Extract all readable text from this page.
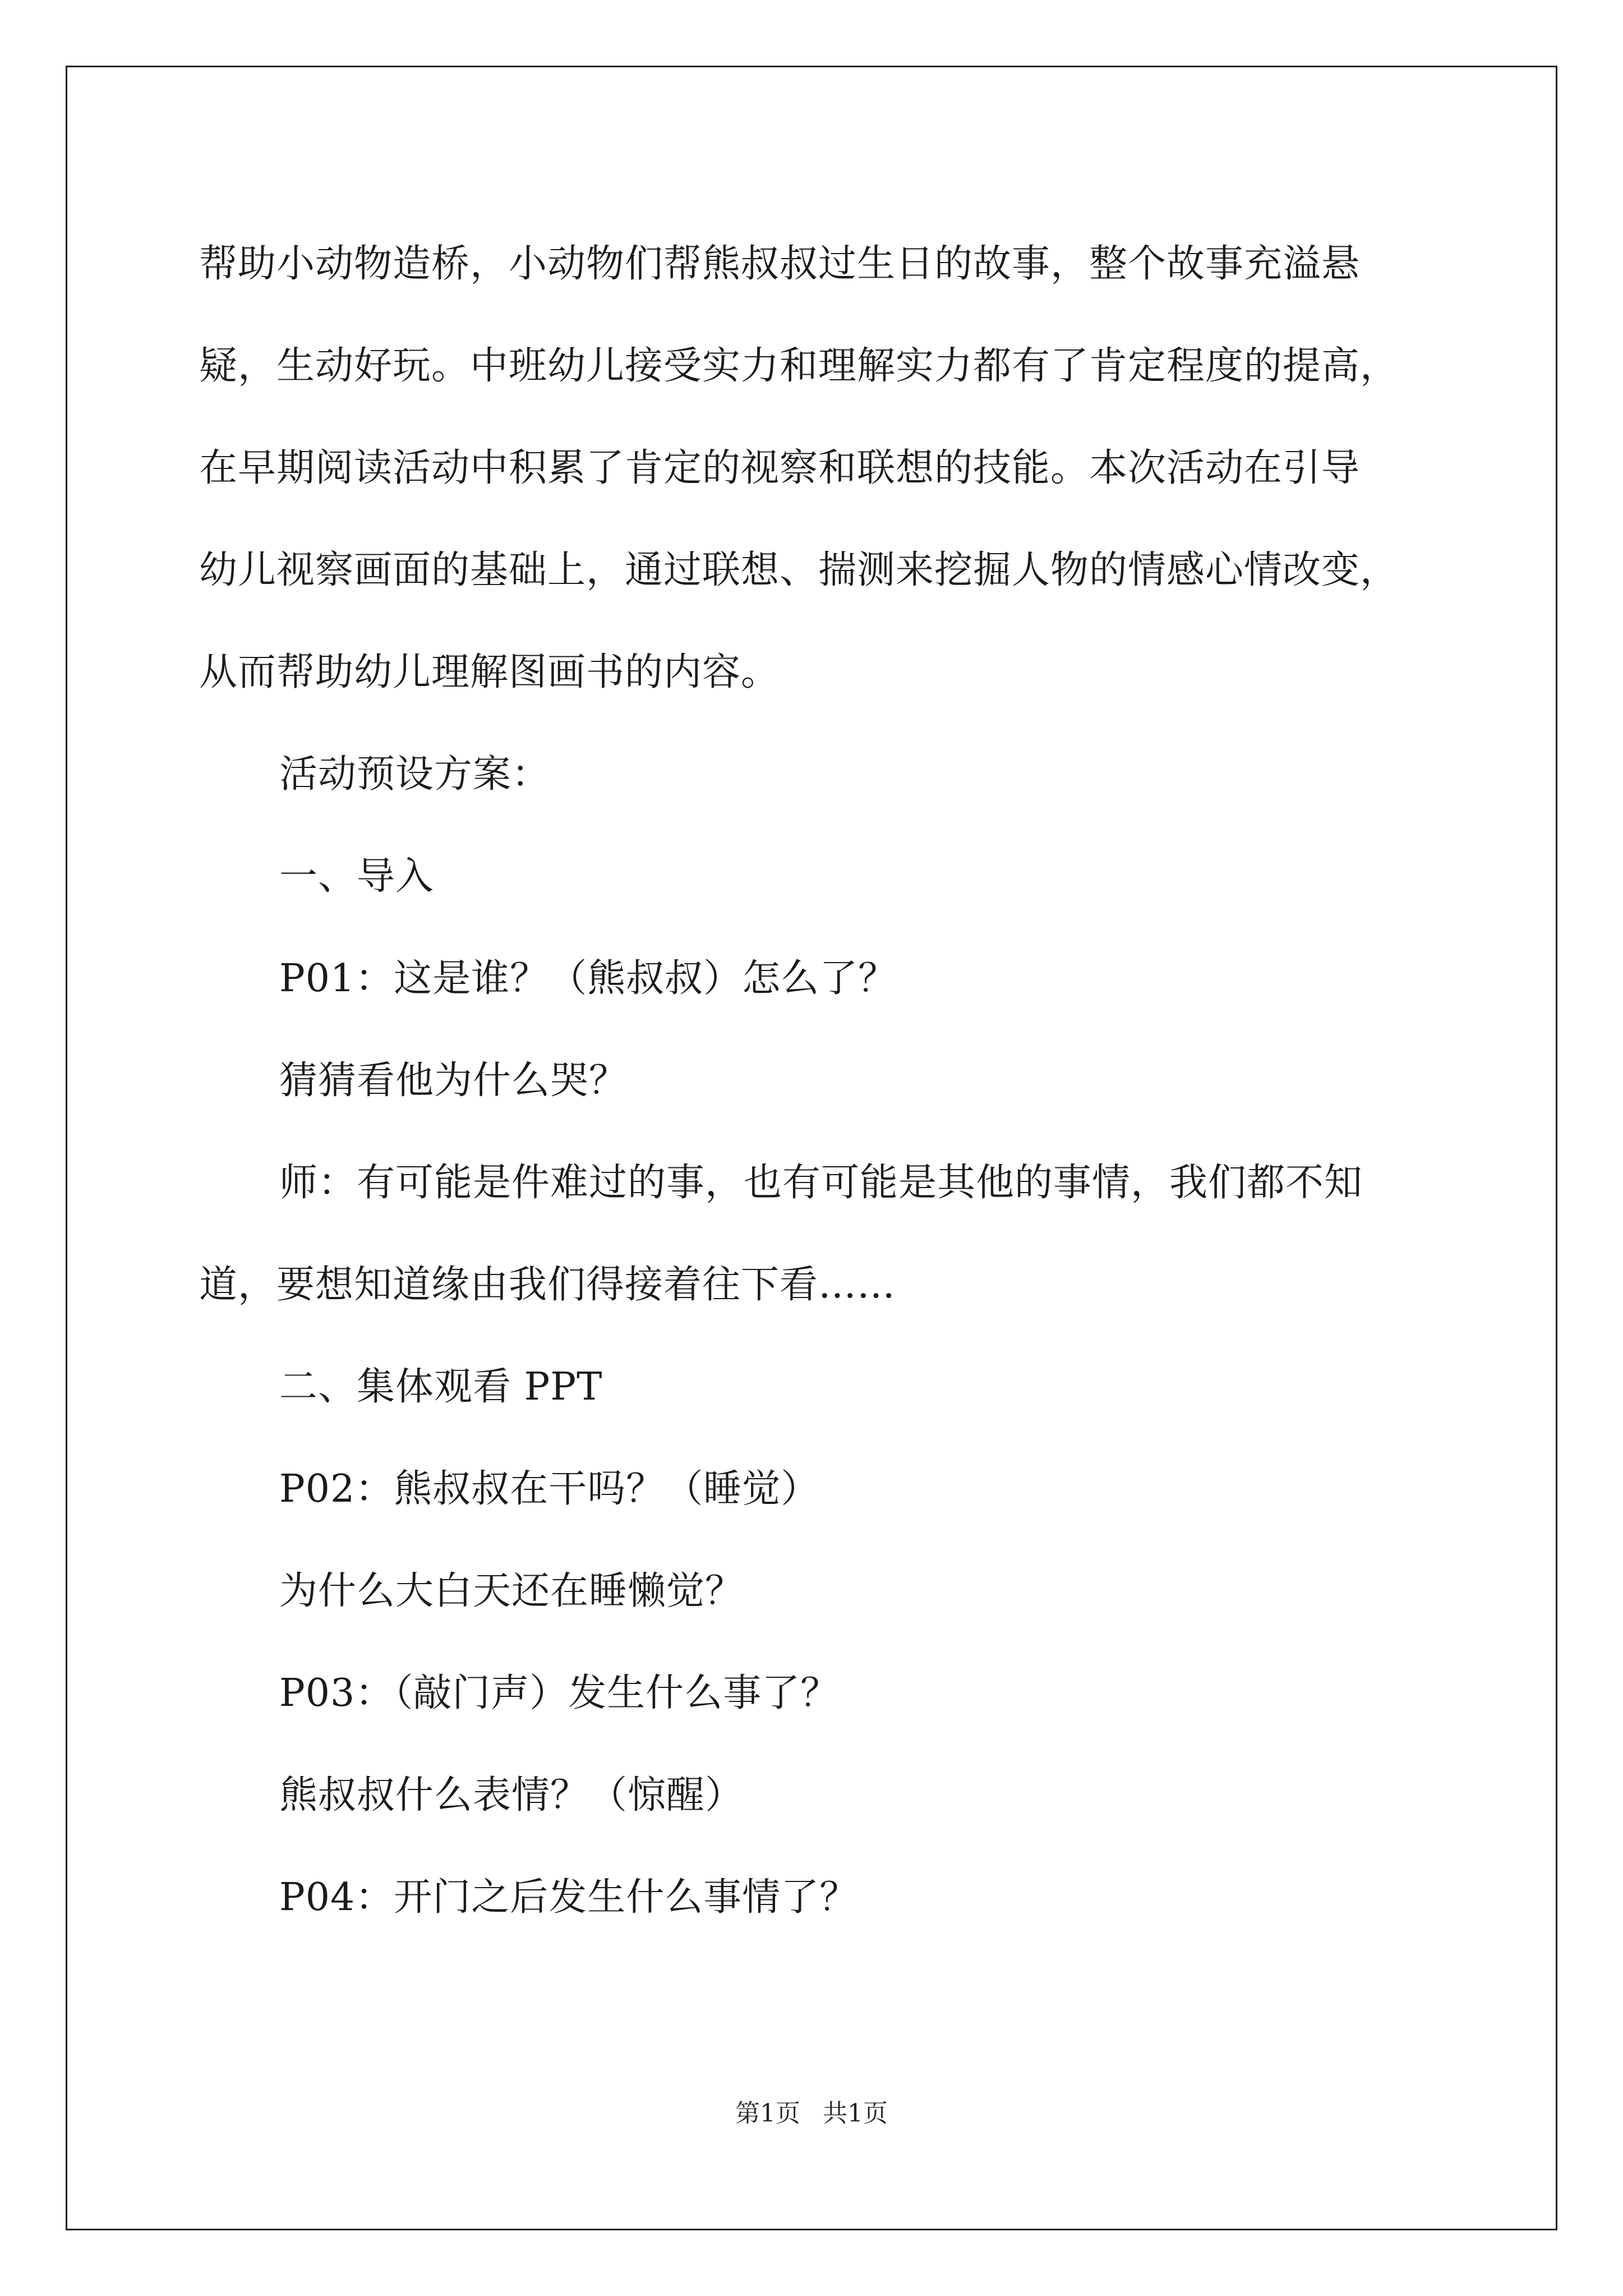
帮助小动物造桥，小动物们帮熊叔叔过生日的故事，整个故事充溢悬
疑，生动好玩。中班幼儿接受实力和理解实力都有了肯定程度的提高，
在早期阅读活动中积累了肯定的视察和联想的技能。本次活动在引导
幼儿视察画面的基础上，通过联想、揣测来挖掘人物的情感心情改变，
从而帮助幼儿理解图画书的内容。
活动预设方案：
一、导入
P01：这是谁？（熊叔叔）怎么了？
猜猜看他为什么哭？
师：有可能是件难过的事，也有可能是其他的事情，我们都不知
道，要想知道缘由我们得接着往下看……
二、集体观看 PPT
P02：熊叔叔在干吗？（睡觉）
为什么大白天还在睡懒觉？
P03：（敲门声）发生什么事了？
熊叔叔什么表情？（惊醒）
P04：开门之后发生什么事情了？
第1页 共1页
